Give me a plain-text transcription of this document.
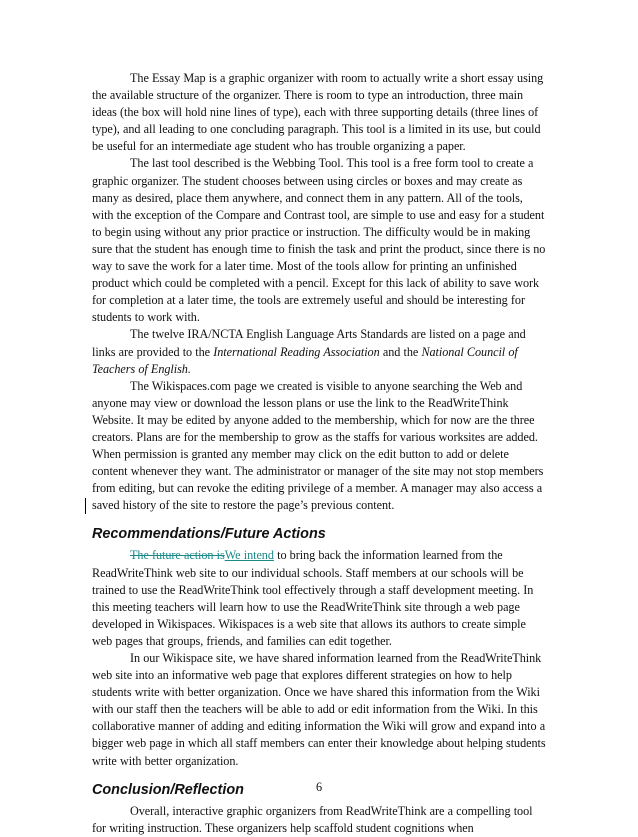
The Essay Map is a graphic organizer with room to actually write a short essay using the available structure of the organizer. There is room to type an introduction, three main ideas (the box will hold nine lines of type), each with three supporting details (three lines of type), and all leading to one concluding paragraph. This tool is a limited in its use, but could be useful for an intermediate age student who has trouble organizing a paper.

The last tool described is the Webbing Tool. This tool is a free form tool to create a graphic organizer. The student chooses between using circles or boxes and may create as many as desired, place them anywhere, and connect them in any pattern. All of the tools, with the exception of the Compare and Contrast tool, are simple to use and easy for a student to begin using without any prior practice or instruction. The difficulty would be in making sure that the student has enough time to finish the task and print the product, since there is no way to save the work for a later time. Most of the tools allow for printing an unfinished product which could be completed with a pencil. Except for this lack of ability to save work for completion at a later time, the tools are extremely useful and should be interesting for students to work with.

The twelve IRA/NCTA English Language Arts Standards are listed on a page and links are provided to the International Reading Association and the National Council of Teachers of English.

The Wikispaces.com page we created is visible to anyone searching the Web and anyone may view or download the lesson plans or use the link to the ReadWriteThink Website. It may be edited by anyone added to the membership, which for now are the three creators. Plans are for the membership to grow as the staffs for various worksites are added. When permission is granted any member may click on the edit button to add or delete content whenever they want. The administrator or manager of the site may not stop members from editing, but can revoke the editing privilege of a member. A manager may also access a saved history of the site to restore the page’s previous content.

Recommendations/Future Actions

The future action isWe intend to bring back the information learned from the ReadWriteThink web site to our individual schools. Staff members at our schools will be trained to use the ReadWriteThink tool effectively through a staff development meeting. In this meeting teachers will learn how to use the ReadWriteThink site through a web page developed in Wikispaces. Wikispaces is a web site that allows its authors to create simple web pages that groups, friends, and families can edit together.

In our Wikispace site, we have shared information learned from the ReadWriteThink web site into an informative web page that explores different strategies on how to help students write with better organization. Once we have shared this information from the Wiki with our staff then the teachers will be able to add or edit information from the Wiki. In this collaborative manner of adding and editing information the Wiki will grow and expand into a bigger web page in which all staff members can enter their knowledge about helping students write with better organization.

Conclusion/Reflection

Overall, interactive graphic organizers from ReadWriteThink are a compelling tool for writing instruction. These organizers help scaffold student cognitions when

6
